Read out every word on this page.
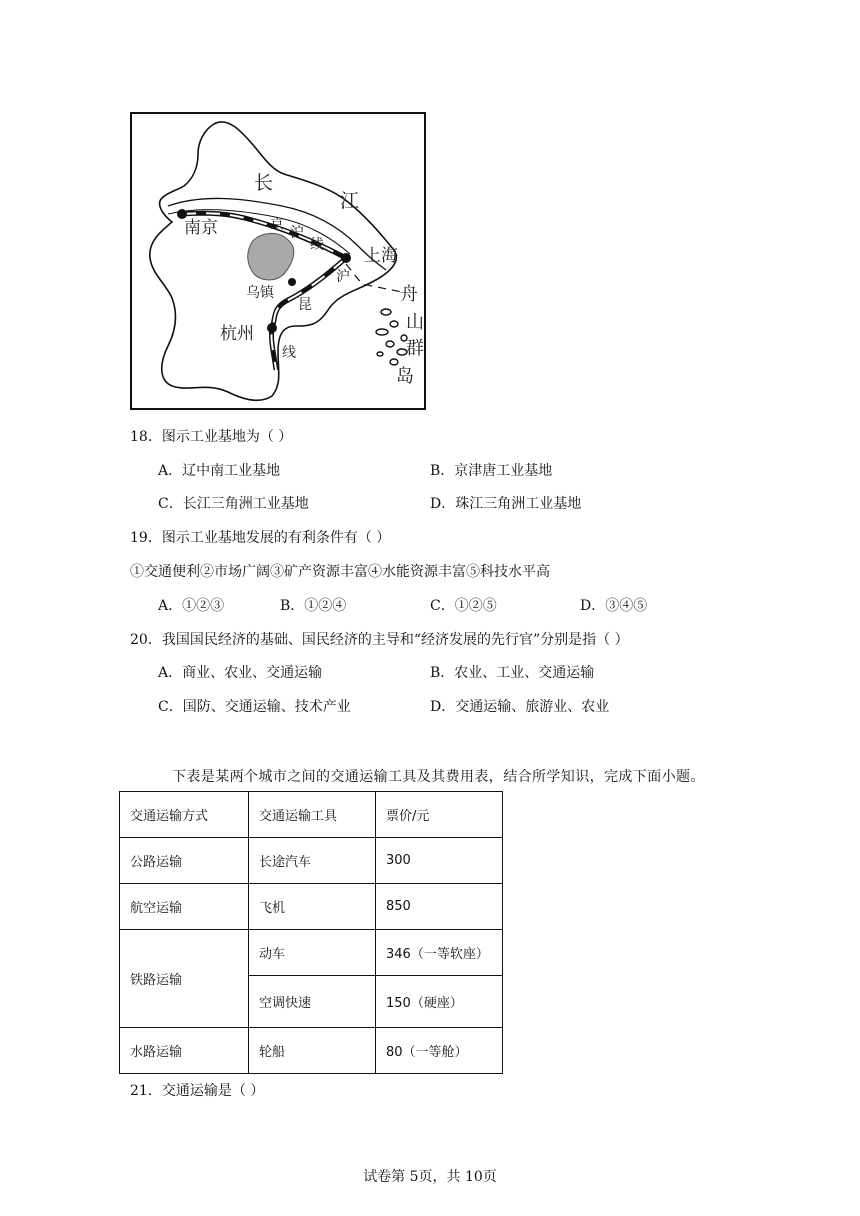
长
江
南京	京 沪
线
上海
沪
昆
线
乌镇
杭州
舟
山
群
岛
18．图示工业基地为（ ）
A．辽中南工业基地	B．京津唐工业基地
C．长江三角洲工业基地	D．珠江三角洲工业基地
19．图示工业基地发展的有利条件有（ ）
①交通便利②市场广阔③矿产资源丰富④水能资源丰富⑤科技水平高
A．①②③	B．①②④	C．①②⑤	D．③④⑤
20．我国国民经济的基础、国民经济的主导和“经济发展的先行官”分别是指（ ）
A．商业、农业、交通运输	B．农业、工业、交通运输
C．国防、交通运输、技术产业	D．交通运输、旅游业、农业
下表是某两个城市之间的交通运输工具及其费用表，结合所学知识，完成下面小题。
交通运输方式	交通运输工具	票价/元
公路运输	长途汽车	300
航空运输	飞机	850
铁路运输	动车	346（一等软座）
	空调快速	150（硬座）
水路运输	轮船	80（一等舱）
21．交通运输是（ ）
试卷第 5页，共 10页
